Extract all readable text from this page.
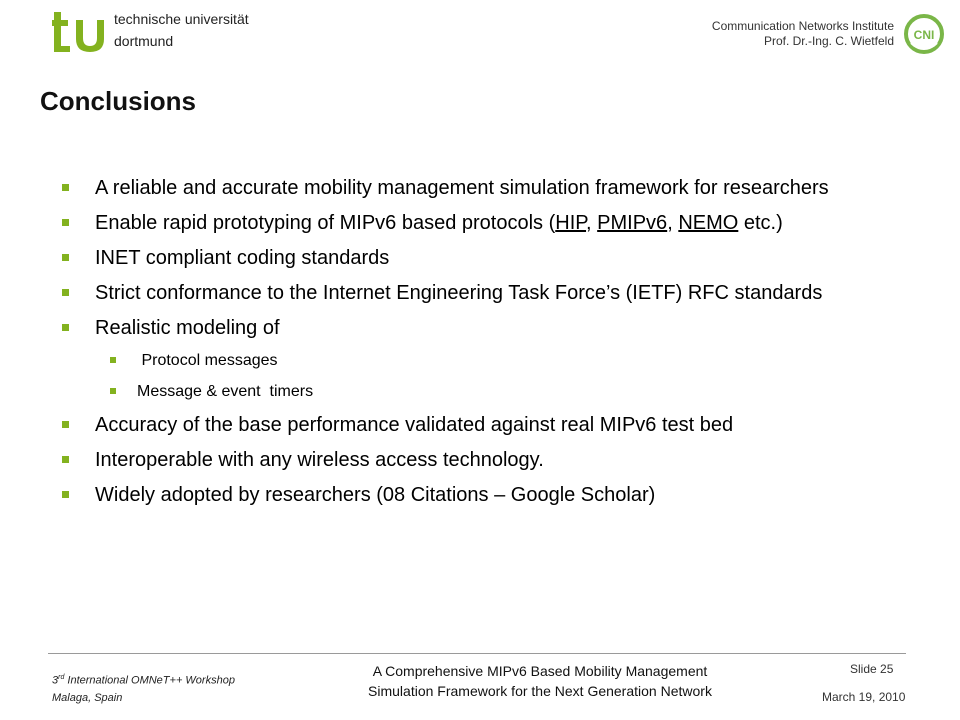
technische universität
dortmund
Communication Networks Institute
Prof. Dr.-Ing. C. Wietfeld CNI
Conclusions
A reliable and accurate mobility management simulation framework for researchers
Enable rapid prototyping of MIPv6 based protocols (HIP, PMIPv6, NEMO etc.)
INET compliant coding standards
Strict conformance to the Internet Engineering Task Force’s (IETF) RFC standards
Realistic modeling of
Protocol messages
Message & event  timers
Accuracy of the base performance validated against real MIPv6 test bed
Interoperable with any wireless access technology.
Widely adopted by researchers (08 Citations – Google Scholar)
3rd International OMNeT++ Workshop
Malaga, Spain
A Comprehensive MIPv6 Based Mobility Management
Simulation Framework for the Next Generation Network
Slide 25
March 19, 2010
